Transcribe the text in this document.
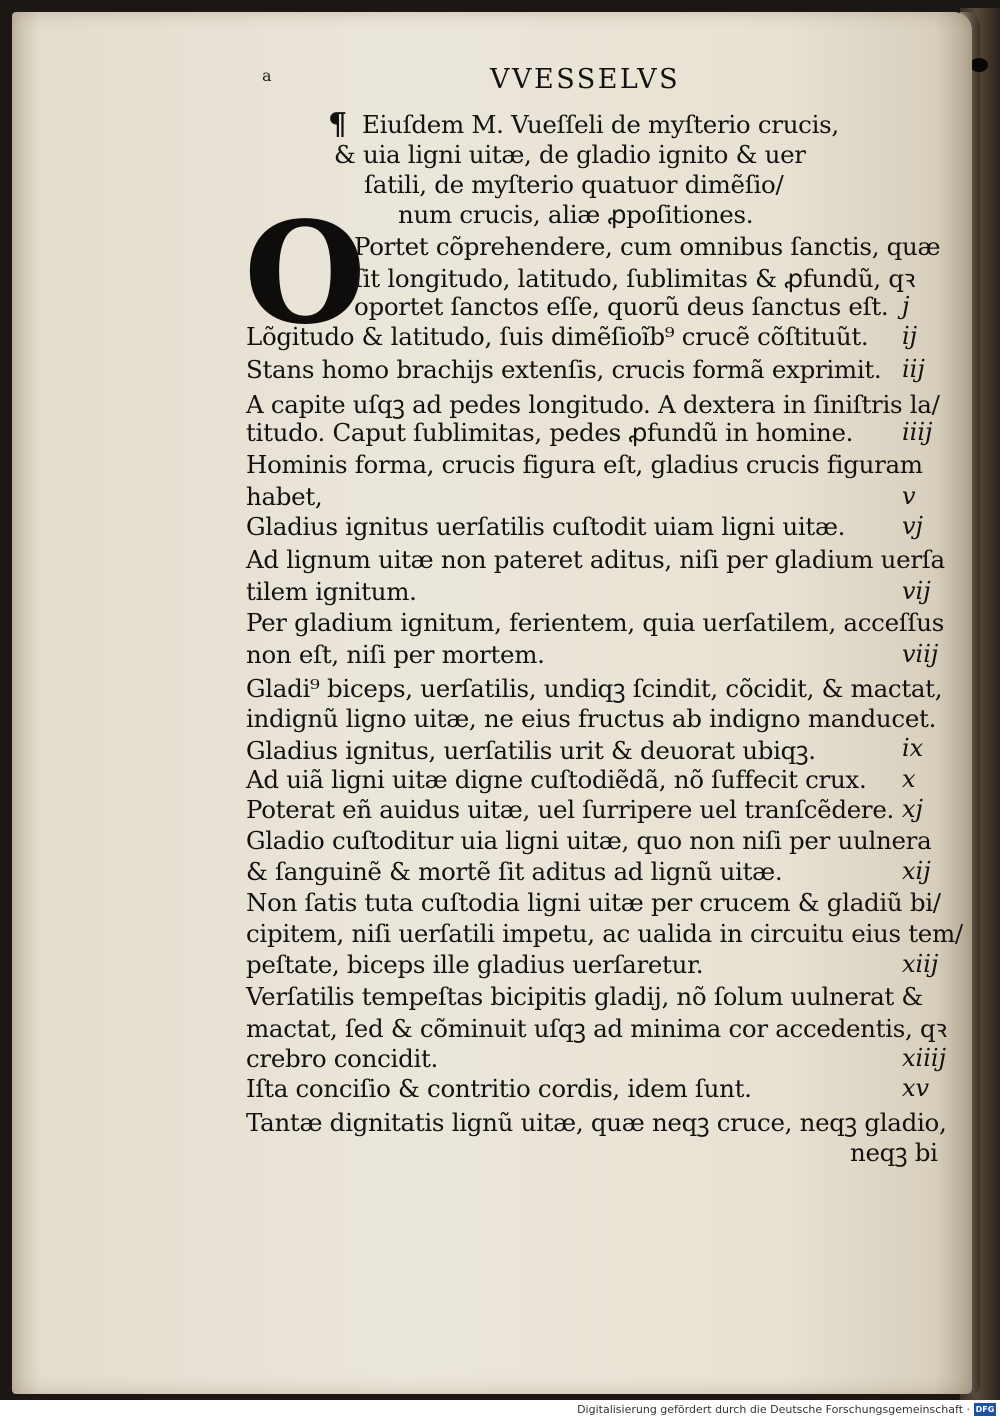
a	VVESSELVS
¶ Eiuſdem M. Vueſſeli de myſterio crucis,
& uia ligni uitæ, de gladio ignito & uer
ſatili, de myſterio quatuor dimẽſio/
num crucis, aliæ ꝓpoſitiones.
O
Portet cõprehendere, cum omnibus ſanctis, quæ
ſit longitudo, latitudo, ſublimitas & ꝓfundũ, qꝛ
oportet ſanctos eſſe, quorũ deus ſanctus eſt. j
Lõgitudo & latitudo, ſuis dimẽſioĩb⁹ crucẽ cõſtituũt. ij
Stans homo brachijs extenſis, crucis formã exprimit. iij
A capite uſqꝫ ad pedes longitudo. A dextera in ſiniſtris la/
titudo. Caput ſublimitas, pedes ꝓfundũ in homine. iiij
Hominis forma, crucis figura eſt, gladius crucis figuram
habet,	v
Gladius ignitus uerſatilis cuſtodit uiam ligni uitæ. vj
Ad lignum uitæ non pateret aditus, niſi per gladium uerſa
tilem ignitum.	vij
Per gladium ignitum, ferientem, quia uerſatilem, acceſſus
non eſt, niſi per mortem.	viij
Gladi⁹ biceps, uerſatilis, undiqꝫ ſcindit, cõcidit, & mactat,
indignũ ligno uitæ, ne eius fructus ab indigno manducet.
Gladius ignitus, uerſatilis urit & deuorat ubiqꝫ.	ix
Ad uiã ligni uitæ digne cuſtodiẽdã, nõ ſuffecit crux. x
Poterat eñ auidus uitæ, uel ſurripere uel tranſcẽdere. xj
Gladio cuſtoditur uia ligni uitæ, quo non niſi per uulnera
& ſanguinẽ & mortẽ ſit aditus ad lignũ uitæ.	xij
Non ſatis tuta cuſtodia ligni uitæ per crucem & gladiũ bi/
cipitem, niſi uerſatili impetu, ac ualida in circuitu eius tem/
peſtate, biceps ille gladius uerſaretur.	xiij
Verſatilis tempeſtas bicipitis gladij, nõ ſolum uulnerat &
mactat, ſed & cõminuit uſqꝫ ad minima cor accedentis, qꝛ
crebro concidit.	xiiij
Iſta conciſio & contritio cordis, idem ſunt.	xv
Tantæ dignitatis lignũ uitæ, quæ neqꝫ cruce, neqꝫ gladio,
neqꝫ bi
Digitalisierung gefördert durch die Deutsche Forschungsgemeinschaft · DFG
